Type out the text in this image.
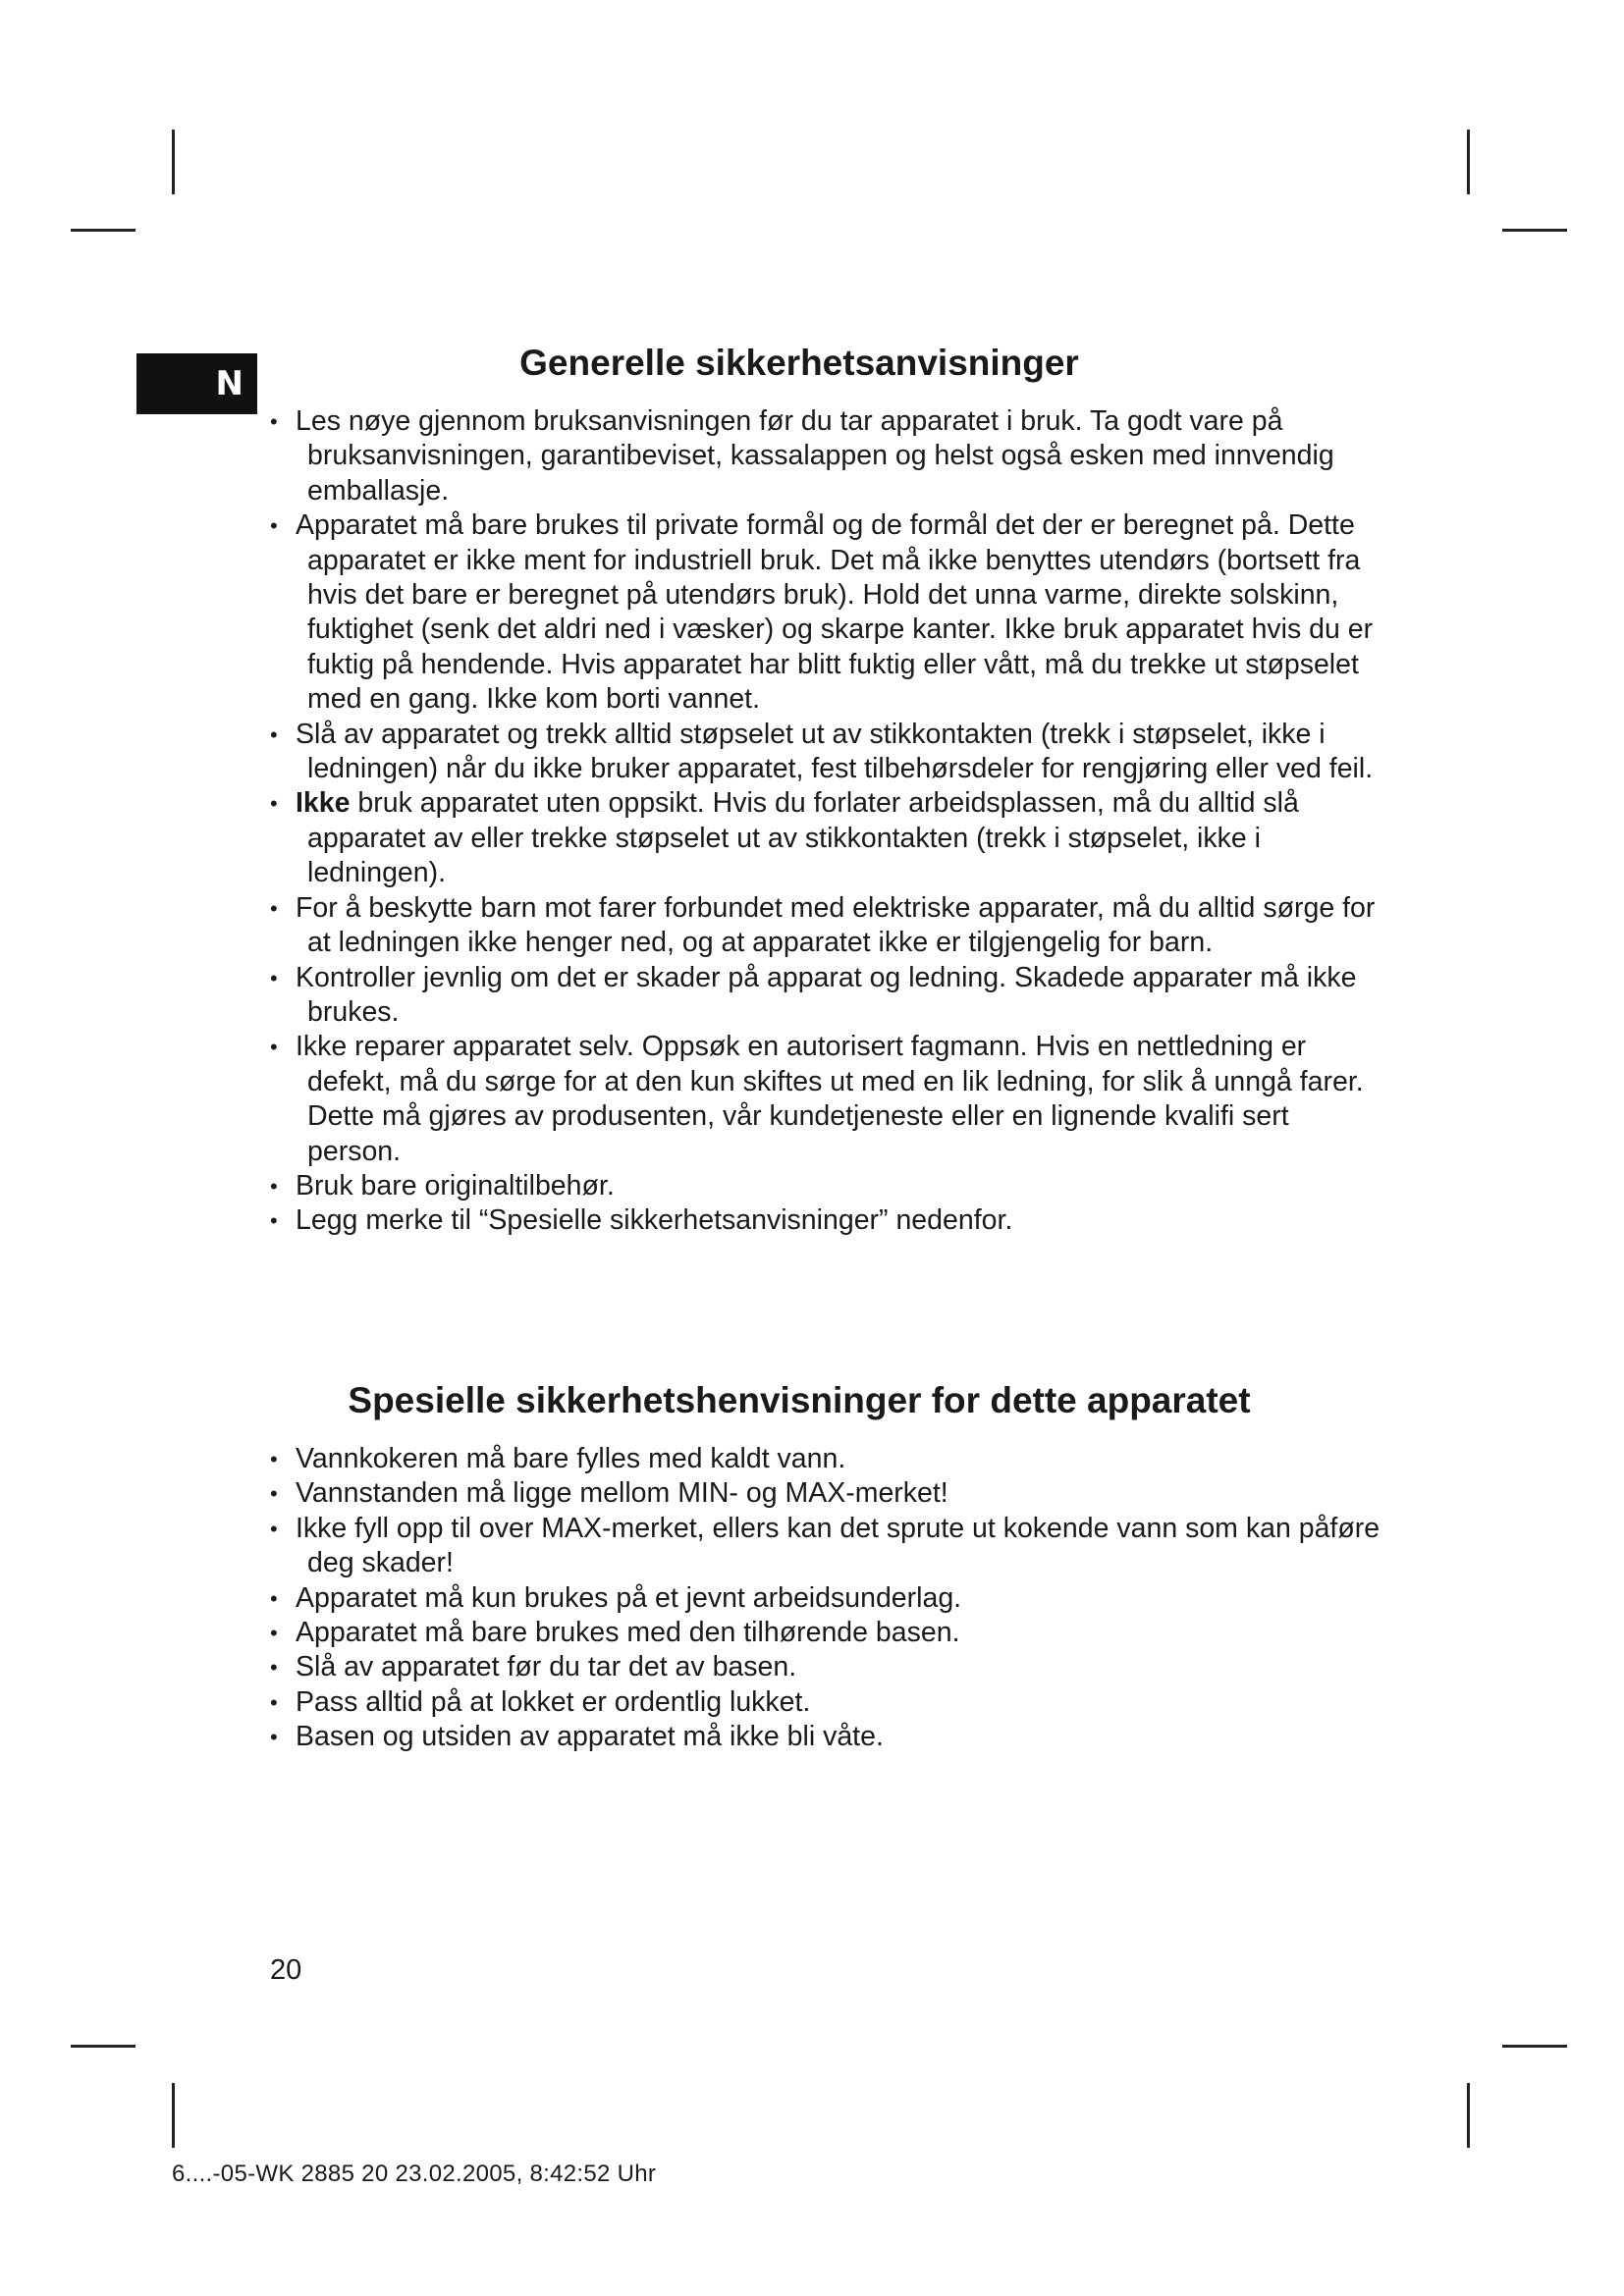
N
Generelle sikkerhetsanvisninger
• Les nøye gjennom bruksanvisningen før du tar apparatet i bruk. Ta godt vare på bruksanvisningen, garantibeviset, kassalappen og helst også esken med innvendig emballasje.
• Apparatet må bare brukes til private formål og de formål det der er beregnet på. Dette apparatet er ikke ment for industriell bruk. Det må ikke benyttes utendørs (bortsett fra hvis det bare er beregnet på utendørs bruk). Hold det unna varme, direkte solskinn, fuktighet (senk det aldri ned i væsker) og skarpe kanter. Ikke bruk apparatet hvis du er fuktig på hendende. Hvis apparatet har blitt fuktig eller vått, må du trekke ut støpselet med en gang. Ikke kom borti vannet.
• Slå av apparatet og trekk alltid støpselet ut av stikkontakten (trekk i støpselet, ikke i ledningen) når du ikke bruker apparatet, fest tilbehørsdeler for rengjøring eller ved feil.
• Ikke bruk apparatet uten oppsikt. Hvis du forlater arbeidsplassen, må du alltid slå apparatet av eller trekke støpselet ut av stikkontakten (trekk i støpselet, ikke i ledningen).
• For å beskytte barn mot farer forbundet med elektriske apparater, må du alltid sørge for at ledningen ikke henger ned, og at apparatet ikke er tilgjengelig for barn.
• Kontroller jevnlig om det er skader på apparat og ledning. Skadede apparater må ikke brukes.
• Ikke reparer apparatet selv. Oppsøk en autorisert fagmann. Hvis en nettledning er defekt, må du sørge for at den kun skiftes ut med en lik ledning, for slik å unngå farer. Dette må gjøres av produsenten, vår kundetjeneste eller en lignende kvalifi sert person.
• Bruk bare originaltilbehør.
• Legg merke til “Spesielle sikkerhetsanvisninger” nedenfor.
Spesielle sikkerhetshenvisninger for dette apparatet
• Vannkokeren må bare fylles med kaldt vann.
• Vannstanden må ligge mellom MIN- og MAX-merket!
• Ikke fyll opp til over MAX-merket, ellers kan det sprute ut kokende vann som kan påføre deg skader!
• Apparatet må kun brukes på et jevnt arbeidsunderlag.
• Apparatet må bare brukes med den tilhørende basen.
• Slå av apparatet før du tar det av basen.
• Pass alltid på at lokket er ordentlig lukket.
• Basen og utsiden av apparatet må ikke bli våte.
20
6....-05-WK 2885 20 23.02.2005, 8:42:52 Uhr
